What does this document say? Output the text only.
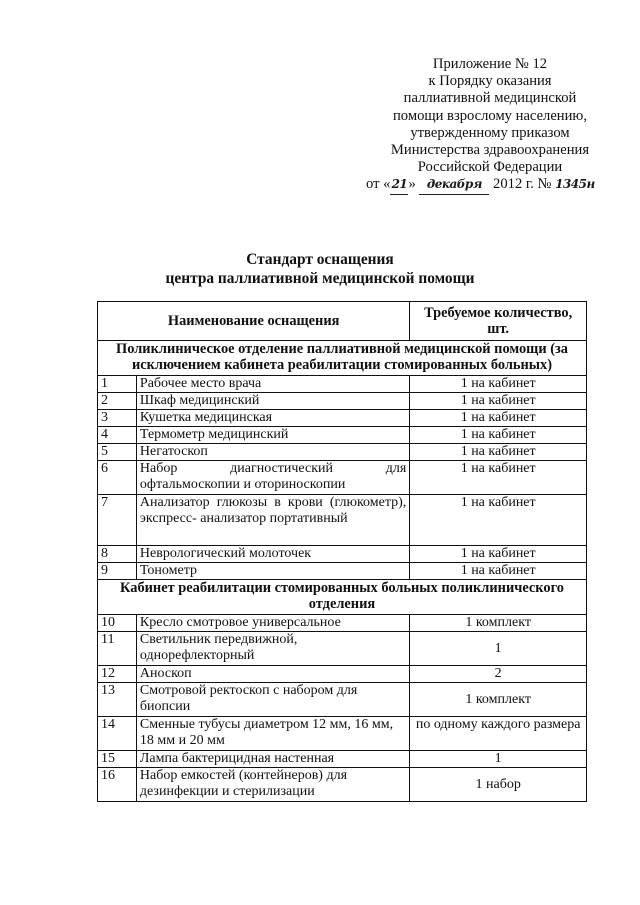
Приложение № 12
к Порядку оказания
паллиативной медицинской
помощи взрослому населению,
утвержденному приказом
Министерства здравоохранения
Российской Федерации
от «21» декабря 2012 г. № 1345н
Стандарт оснащения
центра паллиативной медицинской помощи
Наименование оснащения		Требуемое количество, шт.
Поликлиническое отделение паллиативной медицинской помощи (за исключением кабинета реабилитации стомированных больных)		
1	Рабочее место врача	1 на кабинет
2	Шкаф медицинский	1 на кабинет
3	Кушетка медицинская	1 на кабинет
4	Термометр медицинский	1 на кабинет
5	Негатоскоп	1 на кабинет
6	Набор диагностический для офтальмоскопии и оториноскопии	1 на кабинет
7	Анализатор глюкозы в крови (глюкометр), экспресс- анализатор портативный	1 на кабинет
8	Неврологический молоточек	1 на кабинет
9	Тонометр	1 на кабинет
Кабинет реабилитации стомированных больных поликлинического отделения		
10	Кресло смотровое универсальное	1 комплект
11	Светильник передвижной, однорефлекторный	1
12	Аноскоп	2
13	Смотровой ректоскоп с набором для биопсии	1 комплект
14	Сменные тубусы диаметром 12 мм, 16 мм, 18 мм и 20 мм	по одному каждого размера
15	Лампа бактерицидная настенная	1
16	Набор емкостей (контейнеров) для дезинфекции и стерилизации	1 набор
